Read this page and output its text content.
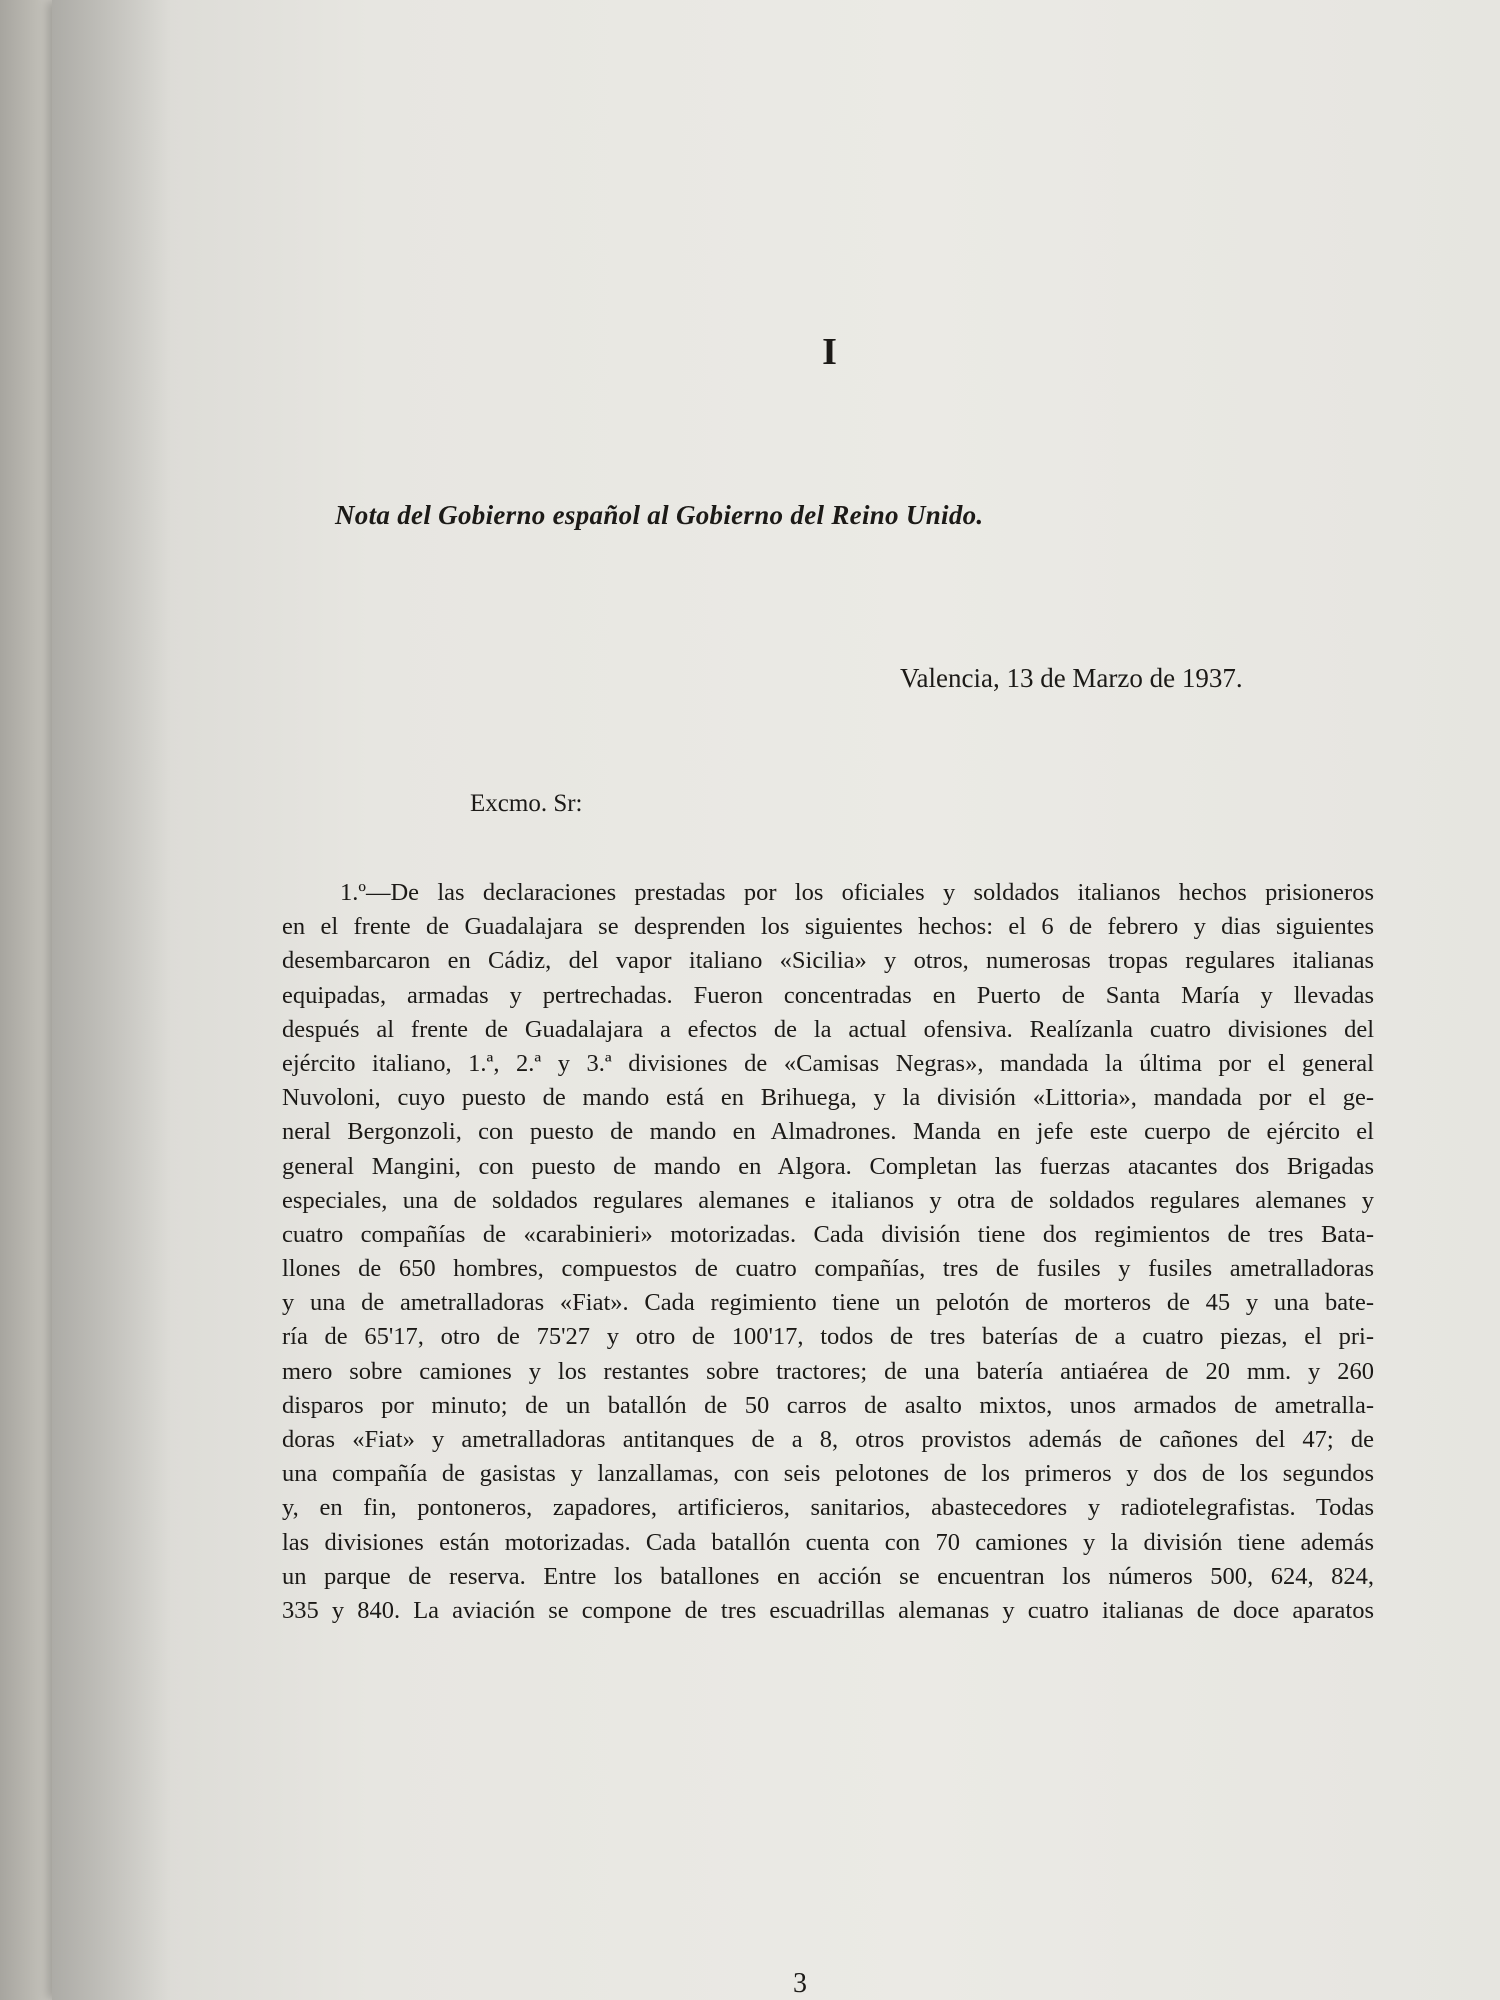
I
Nota del Gobierno español al Gobierno del Reino Unido.
Valencia, 13 de Marzo de 1937.
Excmo. Sr:
1.º—De las declaraciones prestadas por los oficiales y soldados italianos hechos prisioneros
en el frente de Guadalajara se desprenden los siguientes hechos: el 6 de febrero y dias siguientes
desembarcaron en Cádiz, del vapor italiano «Sicilia» y otros, numerosas tropas regulares italianas
equipadas, armadas y pertrechadas. Fueron concentradas en Puerto de Santa María y llevadas
después al frente de Guadalajara a efectos de la actual ofensiva. Realízanla cuatro divisiones del
ejército italiano, 1.ª, 2.ª y 3.ª divisiones de «Camisas Negras», mandada la última por el general
Nuvoloni, cuyo puesto de mando está en Brihuega, y la división «Littoria», mandada por el ge-
neral Bergonzoli, con puesto de mando en Almadrones. Manda en jefe este cuerpo de ejército el
general Mangini, con puesto de mando en Algora. Completan las fuerzas atacantes dos Brigadas
especiales, una de soldados regulares alemanes e italianos y otra de soldados regulares alemanes y
cuatro compañías de «carabinieri» motorizadas. Cada división tiene dos regimientos de tres Bata-
llones de 650 hombres, compuestos de cuatro compañías, tres de fusiles y fusiles ametralladoras
y una de ametralladoras «Fiat». Cada regimiento tiene un pelotón de morteros de 45 y una bate-
ría de 65'17, otro de 75'27 y otro de 100'17, todos de tres baterías de a cuatro piezas, el pri-
mero sobre camiones y los restantes sobre tractores; de una batería antiaérea de 20 mm. y 260
disparos por minuto; de un batallón de 50 carros de asalto mixtos, unos armados de ametralla-
doras «Fiat» y ametralladoras antitanques de a 8, otros provistos además de cañones del 47; de
una compañía de gasistas y lanzallamas, con seis pelotones de los primeros y dos de los segundos
y, en fin, pontoneros, zapadores, artificieros, sanitarios, abastecedores y radiotelegrafistas. Todas
las divisiones están motorizadas. Cada batallón cuenta con 70 camiones y la división tiene además
un parque de reserva. Entre los batallones en acción se encuentran los números 500, 624, 824,
335 y 840. La aviación se compone de tres escuadrillas alemanas y cuatro italianas de doce aparatos
3
